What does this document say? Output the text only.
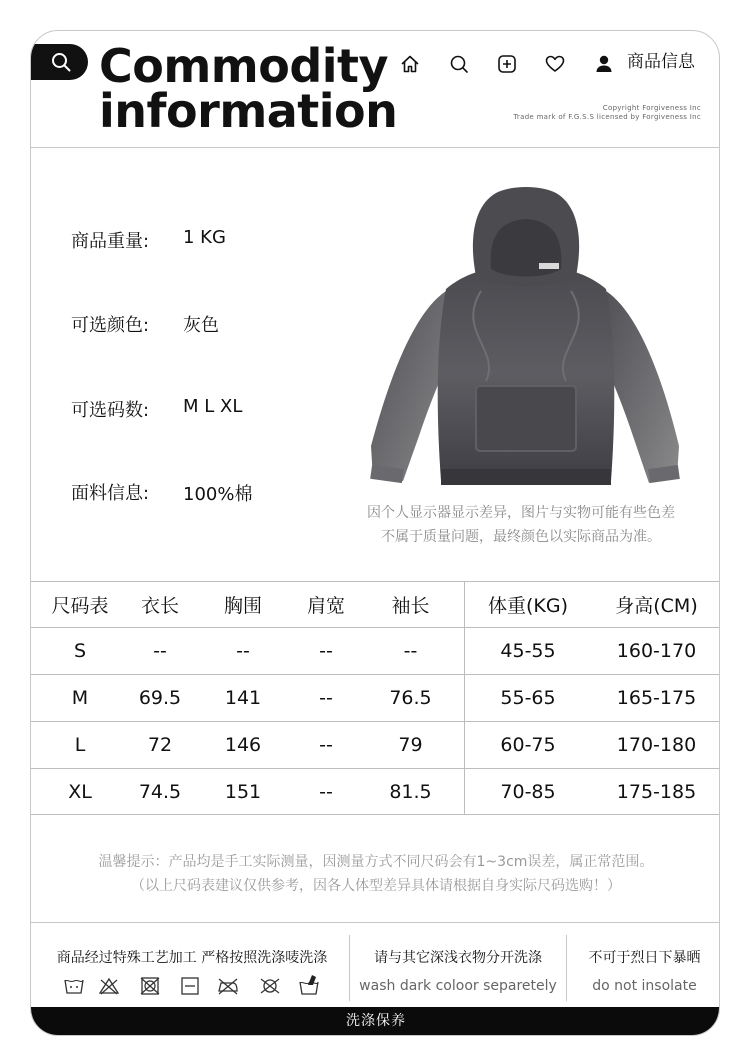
Commodity
information
商品信息
Copyright Forgiveness Inc
Trade mark of F.G.S.S licensed by Forgiveness Inc
商品重量: 1 KG
可选颜色: 灰色
可选码数: M L XL
面料信息: 100%棉
因个人显示器显示差异，图片与实物可能有些色差
不属于质量问题，最终颜色以实际商品为准。
尺码表	衣长	胸围	肩宽	袖长	体重(KG)	身高(CM)
S	--	--	--	--	45-55	160-170
M	69.5	141	--	76.5	55-65	165-175
L	72	146	--	79	60-75	170-180
XL	74.5	151	--	81.5	70-85	175-185
温馨提示：产品均是手工实际测量，因测量方式不同尺码会有1~3cm误差，属正常范围。
（以上尺码表建议仅供参考，因各人体型差异具体请根据自身实际尺码选购！）
商品经过特殊工艺加工 严格按照洗涤唛洗涤	请与其它深浅衣物分开洗涤
wash dark coloor separetely
不可于烈日下暴晒
do not insolate
洗涤保养
